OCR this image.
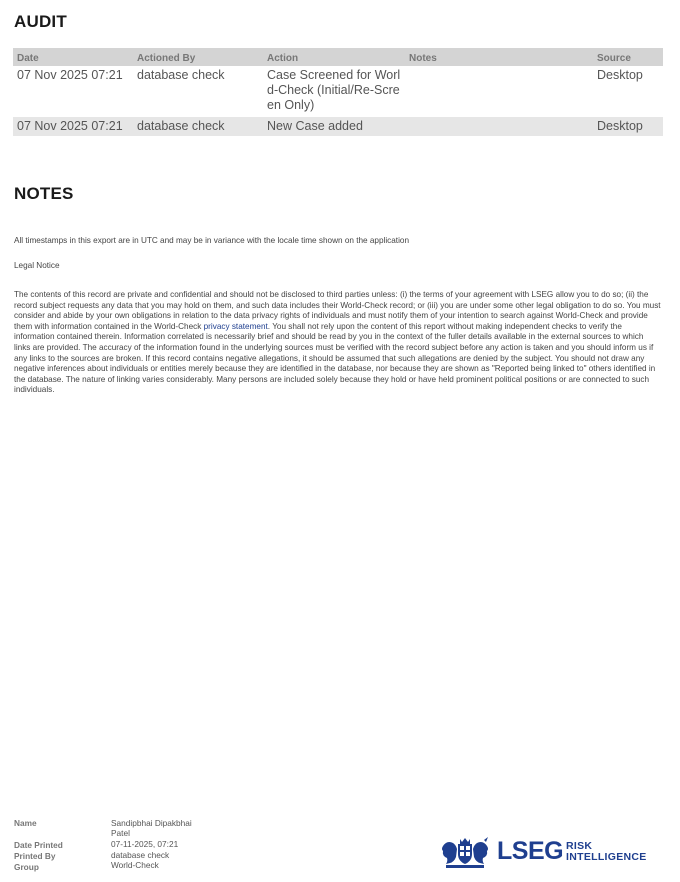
AUDIT
Date	Actioned By	Action	Notes	Source
07 Nov 2025 07:21	database check	Case Screened for World-Check (Initial/Re-Screen Only)		Desktop

07 Nov 2025 07:21	database check	New Case added		Desktop
NOTES
All timestamps in this export are in UTC and may be in variance with the locale time shown on the application
Legal Notice
The contents of this record are private and confidential and should not be disclosed to third parties unless: (i) the terms of your agreement with LSEG allow you to do so; (ii) the record subject requests any data that you may hold on them, and such data includes their World-Check record; or (iii) you are under some other legal obligation to do so. You must consider and abide by your own obligations in relation to the data privacy rights of individuals and must notify them of your intention to search against World-Check and provide them with information contained in the World-Check privacy statement. You shall not rely upon the content of this report without making independent checks to verify the information contained therein. Information correlated is necessarily brief and should be read by you in the context of the fuller details available in the external sources to which links are provided. The accuracy of the information found in the underlying sources must be verified with the record subject before any action is taken and you should inform us if any links to the sources are broken. If this record contains negative allegations, it should be assumed that such allegations are denied by the subject. You should not draw any negative inferences about individuals or entities merely because they are identified in the database, nor because they are shown as "Reported being linked to" others identified in the database. The nature of linking varies considerably. Many persons are included solely because they hold or have held prominent political positions or are connected to such individuals.
Name	Sandipbhai Dipakbhai
Patel
Date Printed	07-11-2025, 07:21
Printed By	database check
Group	World-Check	LSEG RISK
INTELLIGENCE
